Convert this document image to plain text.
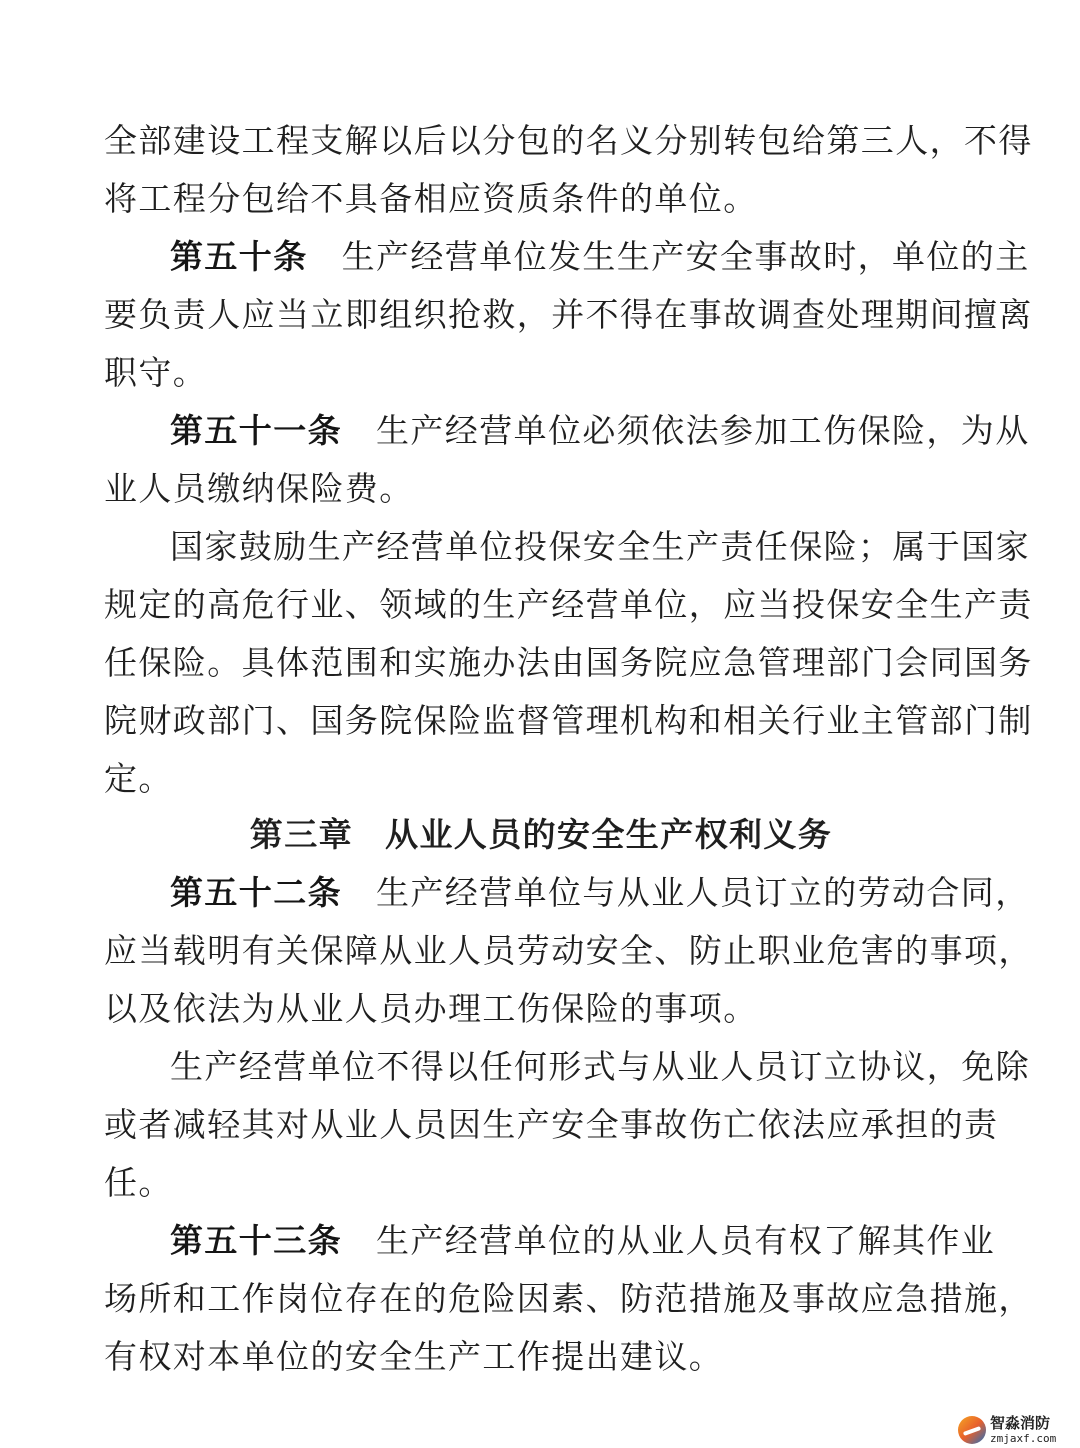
全部建设工程支解以后以分包的名义分别转包给第三人，不得
将工程分包给不具备相应资质条件的单位。
第五十条 生产经营单位发生生产安全事故时，单位的主
要负责人应当立即组织抢救，并不得在事故调查处理期间擅离
职守。
第五十一条 生产经营单位必须依法参加工伤保险，为从
业人员缴纳保险费。
国家鼓励生产经营单位投保安全生产责任保险；属于国家
规定的高危行业、领域的生产经营单位，应当投保安全生产责
任保险。具体范围和实施办法由国务院应急管理部门会同国务
院财政部门、国务院保险监督管理机构和相关行业主管部门制
定。
第三章 从业人员的安全生产权利义务
第五十二条 生产经营单位与从业人员订立的劳动合同，
应当载明有关保障从业人员劳动安全、防止职业危害的事项，
以及依法为从业人员办理工伤保险的事项。
生产经营单位不得以任何形式与从业人员订立协议，免除
或者减轻其对从业人员因生产安全事故伤亡依法应承担的责
任。
第五十三条 生产经营单位的从业人员有权了解其作业
场所和工作岗位存在的危险因素、防范措施及事故应急措施，
有权对本单位的安全生产工作提出建议。
智淼消防
zmjaxf.com
